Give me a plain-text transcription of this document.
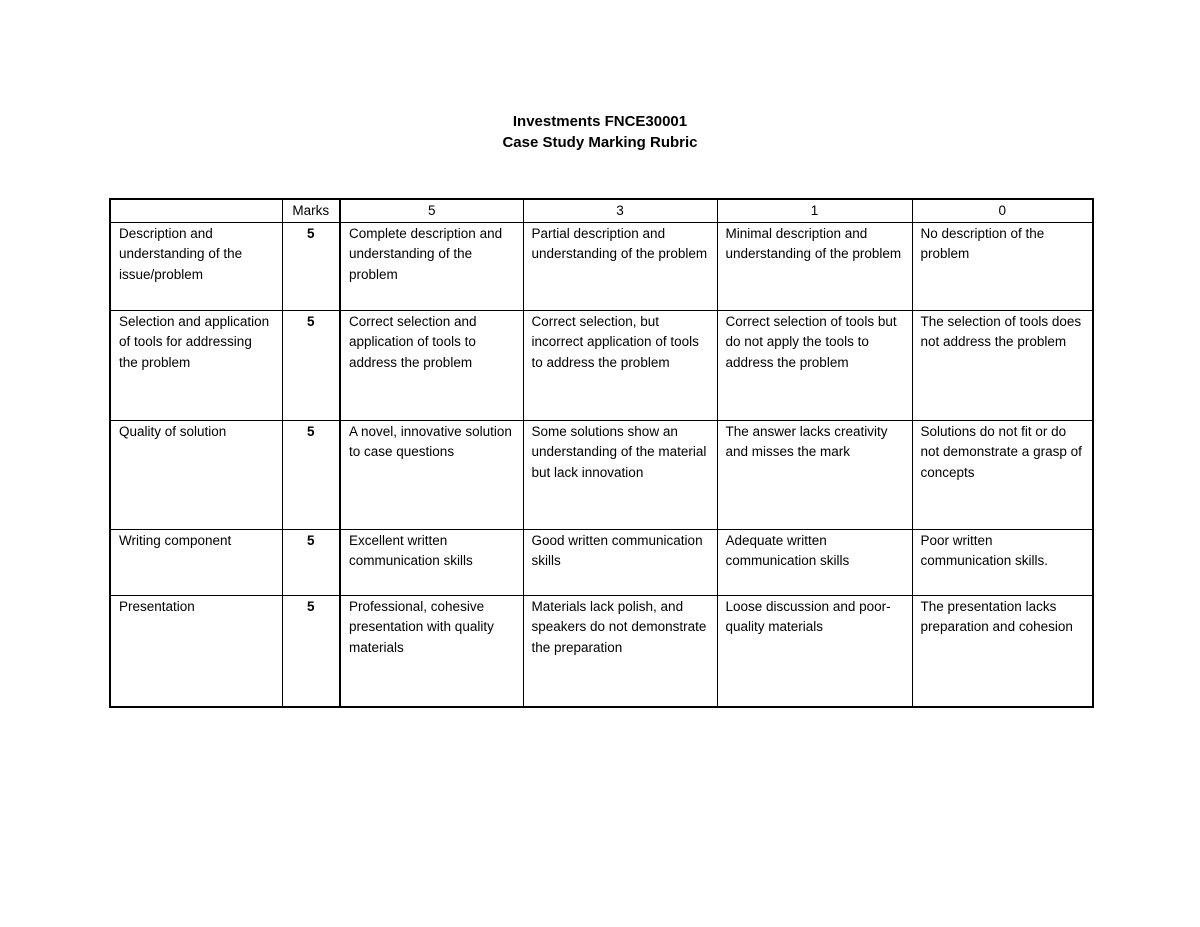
Investments FNCE30001
Case Study Marking Rubric
	Marks	5	3	1	0
Description and understanding of the issue/problem	5	Complete description and understanding of the problem	Partial description and understanding of the problem	Minimal description and understanding of the problem	No description of the problem
Selection and application of tools for addressing the problem	5	Correct selection and application of tools to address the problem	Correct selection, but incorrect application of tools to address the problem	Correct selection of tools but do not apply the tools to address the problem	The selection of tools does not address the problem
Quality of solution	5	A novel, innovative solution to case questions	Some solutions show an understanding of the material but lack innovation	The answer lacks creativity and misses the mark	Solutions do not fit or do not demonstrate a grasp of concepts
Writing component	5	Excellent written communication skills	Good written communication skills	Adequate written communication skills	Poor written communication skills.
Presentation	5	Professional, cohesive presentation with quality materials	Materials lack polish, and speakers do not demonstrate the preparation	Loose discussion and poor-quality materials	The presentation lacks preparation and cohesion
